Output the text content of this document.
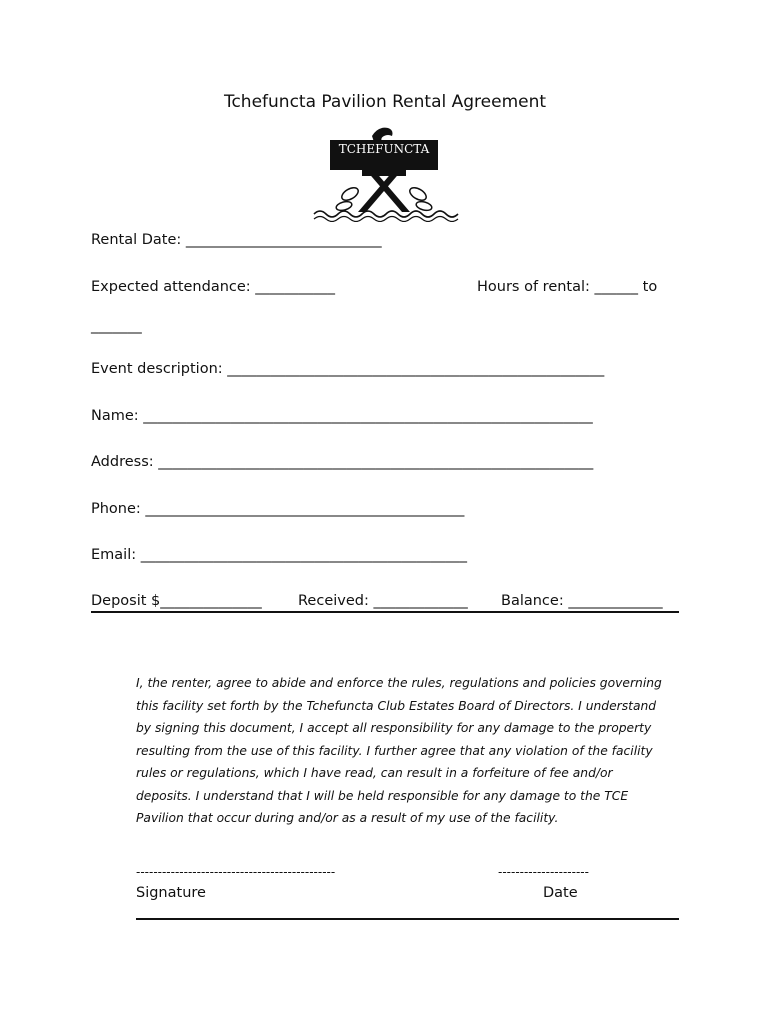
Tchefuncta Pavilion Rental Agreement
TCHEFUNCTA
Rental Date: ___________________________
Expected attendance: ___________	Hours of rental: ______ to
_______
Event description: ____________________________________________________
Name: ______________________________________________________________
Address: ____________________________________________________________
Phone: ____________________________________________
Email: _____________________________________________
Deposit $______________ Received: _____________ Balance: _____________
I, the renter, agree to abide and enforce the rules, regulations and policies governing
this facility set forth by the Tchefuncta Club Estates Board of Directors. I understand
by signing this document, I accept all responsibility for any damage to the property
resulting from the use of this facility. I further agree that any violation of the facility
rules or regulations, which I have read, can result in a forfeiture of fee and/or
deposits. I understand that I will be held responsible for any damage to the TCE
Pavilion that occur during and/or as a result of my use of the facility.
----------------------------------------------	---------------------
Signature	Date
